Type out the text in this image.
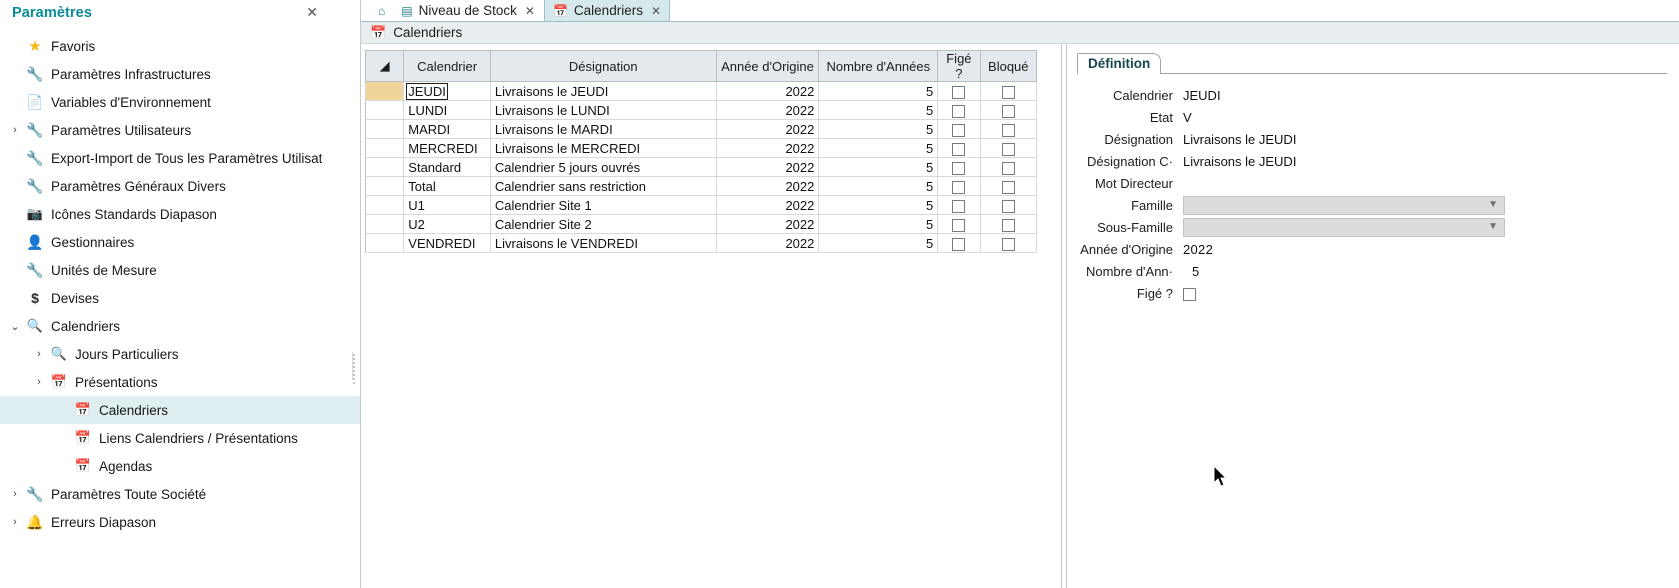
Paramètres	✕
★ Favoris
🔧 Paramètres Infrastructures
📄 Variables d'Environnement
› 🔧 Paramètres Utilisateurs
🔧 Export-Import de Tous les Paramètres Utilisat
🔧 Paramètres Généraux Divers
📷 Icônes Standards Diapason
👤 Gestionnaires
🔧 Unités de Mesure
$ Devises
⌄ 🔍 Calendriers
› 🔍 Jours Particuliers
› 📅 Présentations
📅 Calendriers
📅 Liens Calendriers / Présentations
📅 Agendas
› 🔧 Paramètres Toute Société
› 🔔 Erreurs Diapason
⌂ ▤ Niveau de Stock ✕ 📅 Calendriers ✕
📅 Calendriers
◢	Calendrier	Désignation	Année d'Origine	Nombre d'Années	Figé ?	Bloqué
	JEUDI	Livraisons le JEUDI	2022	5		
	LUNDI	Livraisons le LUNDI	2022	5		
	MARDI	Livraisons le MARDI	2022	5		
	MERCREDI	Livraisons le MERCREDI	2022	5		
	Standard	Calendrier 5 jours ouvrés	2022	5		
	Total	Calendrier sans restriction	2022	5		
	U1	Calendrier Site 1	2022	5		
	U2	Calendrier Site 2	2022	5		
	VENDREDI	Livraisons le VENDREDI	2022	5		
Définition
Calendrier JEUDI
Etat V
Désignation Livraisons le JEUDI
Désignation C· Livraisons le JEUDI
Mot Directeur
Famille	▼
Sous-Famille	▼
Année d'Origine 2022
Nombre d'Ann·	5
Figé ?
